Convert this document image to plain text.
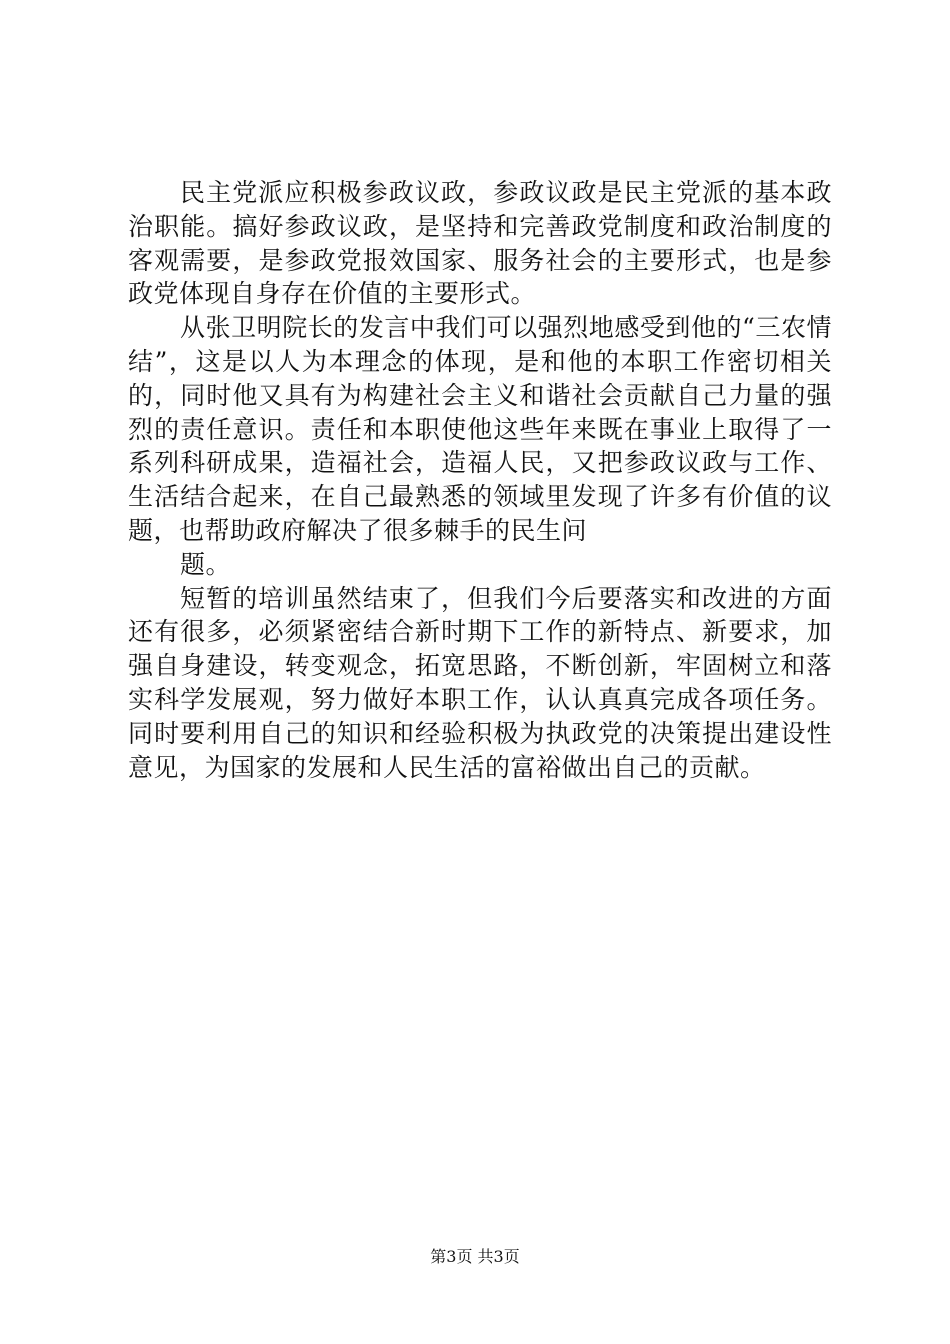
民主党派应积极参政议政，参政议政是民主党派的基本政治职能。搞好参政议政，是坚持和完善政党制度和政治制度的客观需要，是参政党报效国家、服务社会的主要形式，也是参政党体现自身存在价值的主要形式。

从张卫明院长的发言中我们可以强烈地感受到他的“三农情结”，这是以人为本理念的体现，是和他的本职工作密切相关的，同时他又具有为构建社会主义和谐社会贡献自己力量的强烈的责任意识。责任和本职使他这些年来既在事业上取得了一系列科研成果，造福社会，造福人民，又把参政议政与工作、生活结合起来，在自己最熟悉的领域里发现了许多有价值的议题，也帮助政府解决了很多棘手的民生问

题。

短暂的培训虽然结束了，但我们今后要落实和改进的方面还有很多，必须紧密结合新时期下工作的新特点、新要求，加强自身建设，转变观念，拓宽思路，不断创新，牢固树立和落实科学发展观，努力做好本职工作，认认真真完成各项任务。同时要利用自己的知识和经验积极为执政党的决策提出建设性意见，为国家的发展和人民生活的富裕做出自己的贡献。

第3页 共3页
